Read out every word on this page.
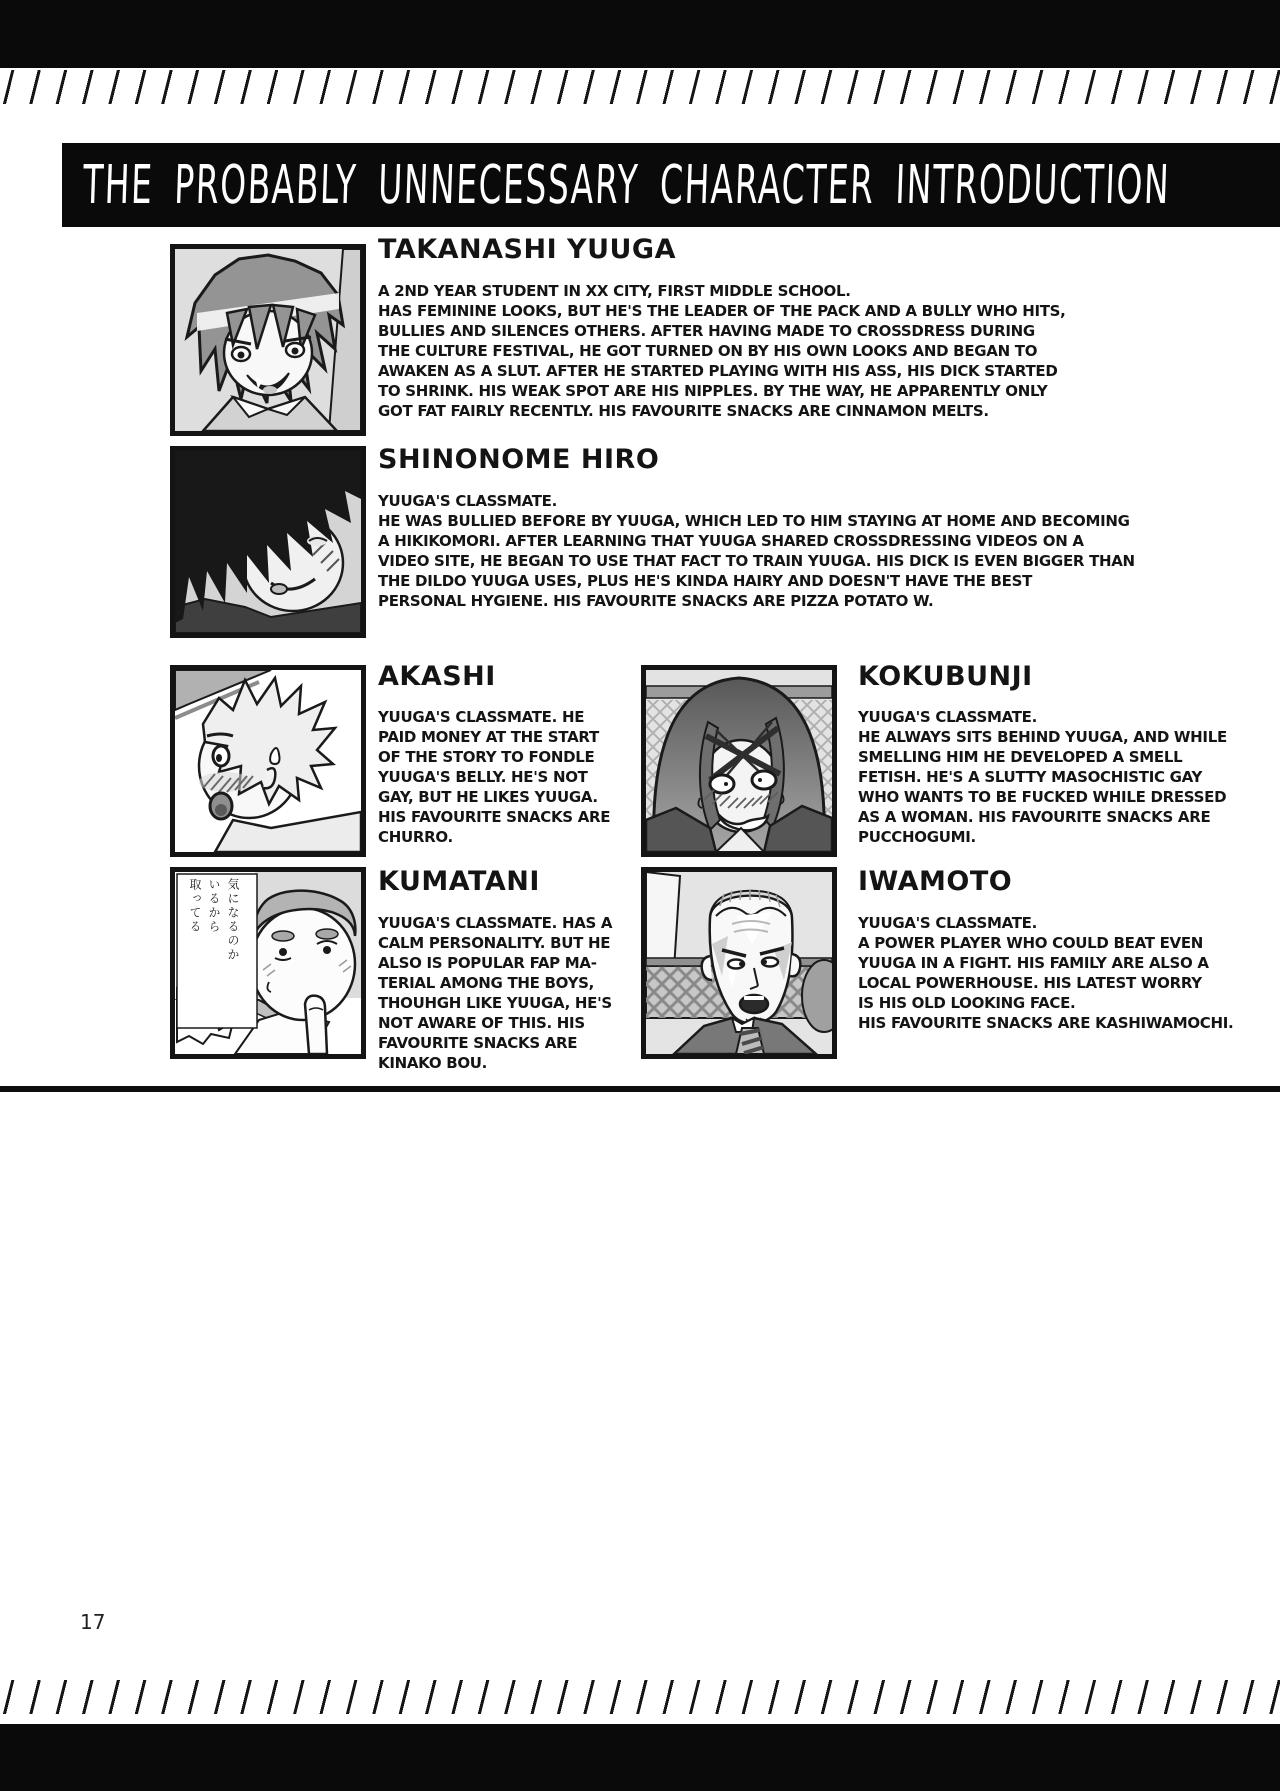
THE PROBABLY UNNECESSARY CHARACTER INTRODUCTION
TAKANASHI YUUGA
A 2ND YEAR STUDENT IN XX CITY, FIRST MIDDLE SCHOOL.
HAS FEMININE LOOKS, BUT HE'S THE LEADER OF THE PACK AND A BULLY WHO HITS,
BULLIES AND SILENCES OTHERS. AFTER HAVING MADE TO CROSSDRESS DURING
THE CULTURE FESTIVAL, HE GOT TURNED ON BY HIS OWN LOOKS AND BEGAN TO
AWAKEN AS A SLUT. AFTER HE STARTED PLAYING WITH HIS ASS, HIS DICK STARTED
TO SHRINK. HIS WEAK SPOT ARE HIS NIPPLES. BY THE WAY, HE APPARENTLY ONLY
GOT FAT FAIRLY RECENTLY. HIS FAVOURITE SNACKS ARE CINNAMON MELTS.
SHINONOME HIRO
YUUGA'S CLASSMATE.
HE WAS BULLIED BEFORE BY YUUGA, WHICH LED TO HIM STAYING AT HOME AND BECOMING
A HIKIKOMORI. AFTER LEARNING THAT YUUGA SHARED CROSSDRESSING VIDEOS ON A
VIDEO SITE, HE BEGAN TO USE THAT FACT TO TRAIN YUUGA. HIS DICK IS EVEN BIGGER THAN
THE DILDO YUUGA USES, PLUS HE'S KINDA HAIRY AND DOESN'T HAVE THE BEST
PERSONAL HYGIENE. HIS FAVOURITE SNACKS ARE PIZZA POTATO W.
AKASHI
YUUGA'S CLASSMATE. HE
PAID MONEY AT THE START
OF THE STORY TO FONDLE
YUUGA'S BELLY. HE'S NOT
GAY, BUT HE LIKES YUUGA.
HIS FAVOURITE SNACKS ARE
CHURRO.
KOKUBUNJI
YUUGA'S CLASSMATE.
HE ALWAYS SITS BEHIND YUUGA, AND WHILE
SMELLING HIM HE DEVELOPED A SMELL
FETISH. HE'S A SLUTTY MASOCHISTIC GAY
WHO WANTS TO BE FUCKED WHILE DRESSED
AS A WOMAN. HIS FAVOURITE SNACKS ARE
PUCCHOGUMI.
気になるのか
いるから
取ってる	KUMATANI
YUUGA'S CLASSMATE. HAS A
CALM PERSONALITY. BUT HE
ALSO IS POPULAR FAP MA-
TERIAL AMONG THE BOYS,
THOUHGH LIKE YUUGA, HE'S
NOT AWARE OF THIS. HIS
FAVOURITE SNACKS ARE
KINAKO BOU.
IWAMOTO
YUUGA'S CLASSMATE.
A POWER PLAYER WHO COULD BEAT EVEN
YUUGA IN A FIGHT. HIS FAMILY ARE ALSO A
LOCAL POWERHOUSE. HIS LATEST WORRY
IS HIS OLD LOOKING FACE.
HIS FAVOURITE SNACKS ARE KASHIWAMOCHI.
17
